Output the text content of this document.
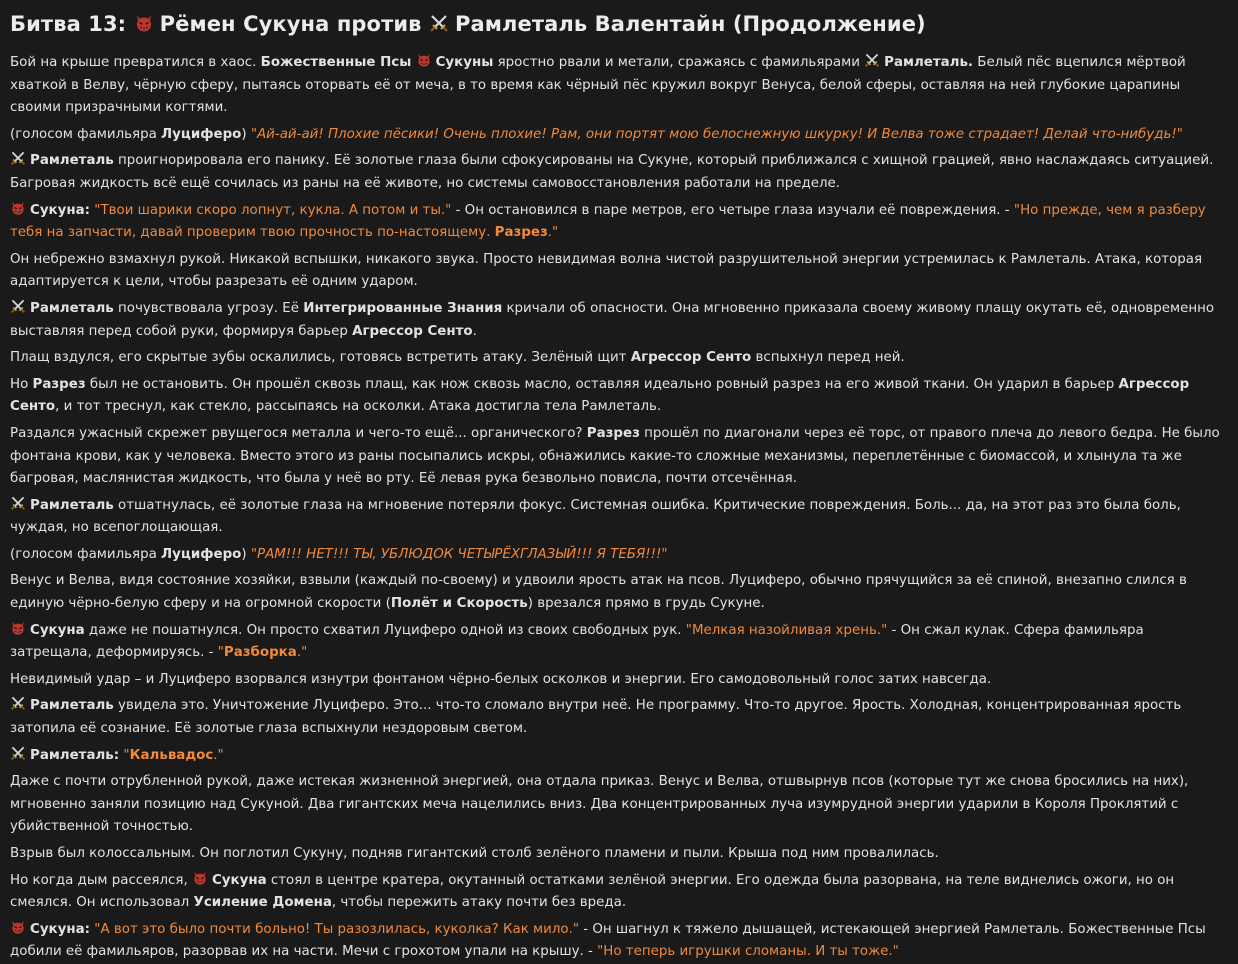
Битва 13:
Рёмен Сукуна против
Рамлеталь Валентайн (Продолжение)
Бой на крыше превратился в хаос. Божественные Псы Сукуны яростно рвали и метали, сражаясь с фамильярами
Рамлеталь. Белый пёс вцепился мёртвой хваткой в Велву, чёрную сферу, пытаясь оторвать её от меча, в то время как чёрный пёс кружил вокруг Венуса, белой сферы, оставляя на ней глубокие царапины своими призрачными когтями.
(голосом фамильяра Луциферо) "Ай-ай-ай! Плохие пёсики! Очень плохие! Рам, они портят мою белоснежную шкурку! И Велва тоже страдает! Делай что-нибудь!"
Рамлеталь проигнорировала его панику. Её золотые глаза были сфокусированы на Сукуне, который приближался с хищной грацией, явно наслаждаясь ситуацией. Багровая жидкость всё ещё сочилась из раны на её животе, но системы самовосстановления работали на пределе.
Сукуна: "Твои шарики скоро лопнут, кукла. А потом и ты." - Он остановился в паре метров, его четыре глаза изучали её повреждения. - "Но прежде, чем я разберу тебя на запчасти, давай проверим твою прочность по-настоящему. Разрез."
Он небрежно взмахнул рукой. Никакой вспышки, никакого звука. Просто невидимая волна чистой разрушительной энергии устремилась к Рамлеталь. Атака, которая адаптируется к цели, чтобы разрезать её одним ударом.
Рамлеталь почувствовала угрозу. Её Интегрированные Знания кричали об опасности. Она мгновенно приказала своему живому плащу окутать её, одновременно выставляя перед собой руки, формируя барьер Агрессор Сенто.
Плащ вздулся, его скрытые зубы оскалились, готовясь встретить атаку. Зелёный щит Агрессор Сенто вспыхнул перед ней.
Но Разрез был не остановить. Он прошёл сквозь плащ, как нож сквозь масло, оставляя идеально ровный разрез на его живой ткани. Он ударил в барьер Агрессор Сенто, и тот треснул, как стекло, рассыпаясь на осколки. Атака достигла тела Рамлеталь.
Раздался ужасный скрежет рвущегося металла и чего-то ещё... органического? Разрез прошёл по диагонали через её торс, от правого плеча до левого бедра. Не было фонтана крови, как у человека. Вместо этого из раны посыпались искры, обнажились какие-то сложные механизмы, переплетённые с биомассой, и хлынула та же багровая, маслянистая жидкость, что была у неё во рту. Её левая рука безвольно повисла, почти отсечённая.
Рамлеталь отшатнулась, её золотые глаза на мгновение потеряли фокус. Системная ошибка. Критические повреждения. Боль... да, на этот раз это была боль, чуждая, но всепоглощающая.
(голосом фамильяра Луциферо) "РАМ!!! НЕТ!!! ТЫ, УБЛЮДОК ЧЕТЫРЁХГЛАЗЫЙ!!! Я ТЕБЯ!!!"
Венус и Велва, видя состояние хозяйки, взвыли (каждый по-своему) и удвоили ярость атак на псов. Луциферо, обычно прячущийся за её спиной, внезапно слился в единую чёрно-белую сферу и на огромной скорости (Полёт и Скорость) врезался прямо в грудь Сукуне.
Сукуна даже не пошатнулся. Он просто схватил Луциферо одной из своих свободных рук. "Мелкая назойливая хрень." - Он сжал кулак. Сфера фамильяра затрещала, деформируясь. - "Разборка."
Невидимый удар – и Луциферо взорвался изнутри фонтаном чёрно-белых осколков и энергии. Его самодовольный голос затих навсегда.
Рамлеталь увидела это. Уничтожение Луциферо. Это... что-то сломало внутри неё. Не программу. Что-то другое. Ярость. Холодная, концентрированная ярость затопила её сознание. Её золотые глаза вспыхнули нездоровым светом.
Рамлеталь: "Кальвадос."
Даже с почти отрубленной рукой, даже истекая жизненной энергией, она отдала приказ. Венус и Велва, отшвырнув псов (которые тут же снова бросились на них), мгновенно заняли позицию над Сукуной. Два гигантских меча нацелились вниз. Два концентрированных луча изумрудной энергии ударили в Короля Проклятий с убийственной точностью.
Взрыв был колоссальным. Он поглотил Сукуну, подняв гигантский столб зелёного пламени и пыли. Крыша под ним провалилась.
Но когда дым рассеялся,
Сукуна стоял в центре кратера, окутанный остатками зелёной энергии. Его одежда была разорвана, на теле виднелись ожоги, но он смеялся. Он использовал Усиление Домена, чтобы пережить атаку почти без вреда.
Сукуна: "А вот это было почти больно! Ты разозлилась, куколка? Как мило." - Он шагнул к тяжело дышащей, истекающей энергией Рамлеталь. Божественные Псы добили её фамильяров, разорвав их на части. Мечи с грохотом упали на крышу. - "Но теперь игрушки сломаны. И ты тоже."
